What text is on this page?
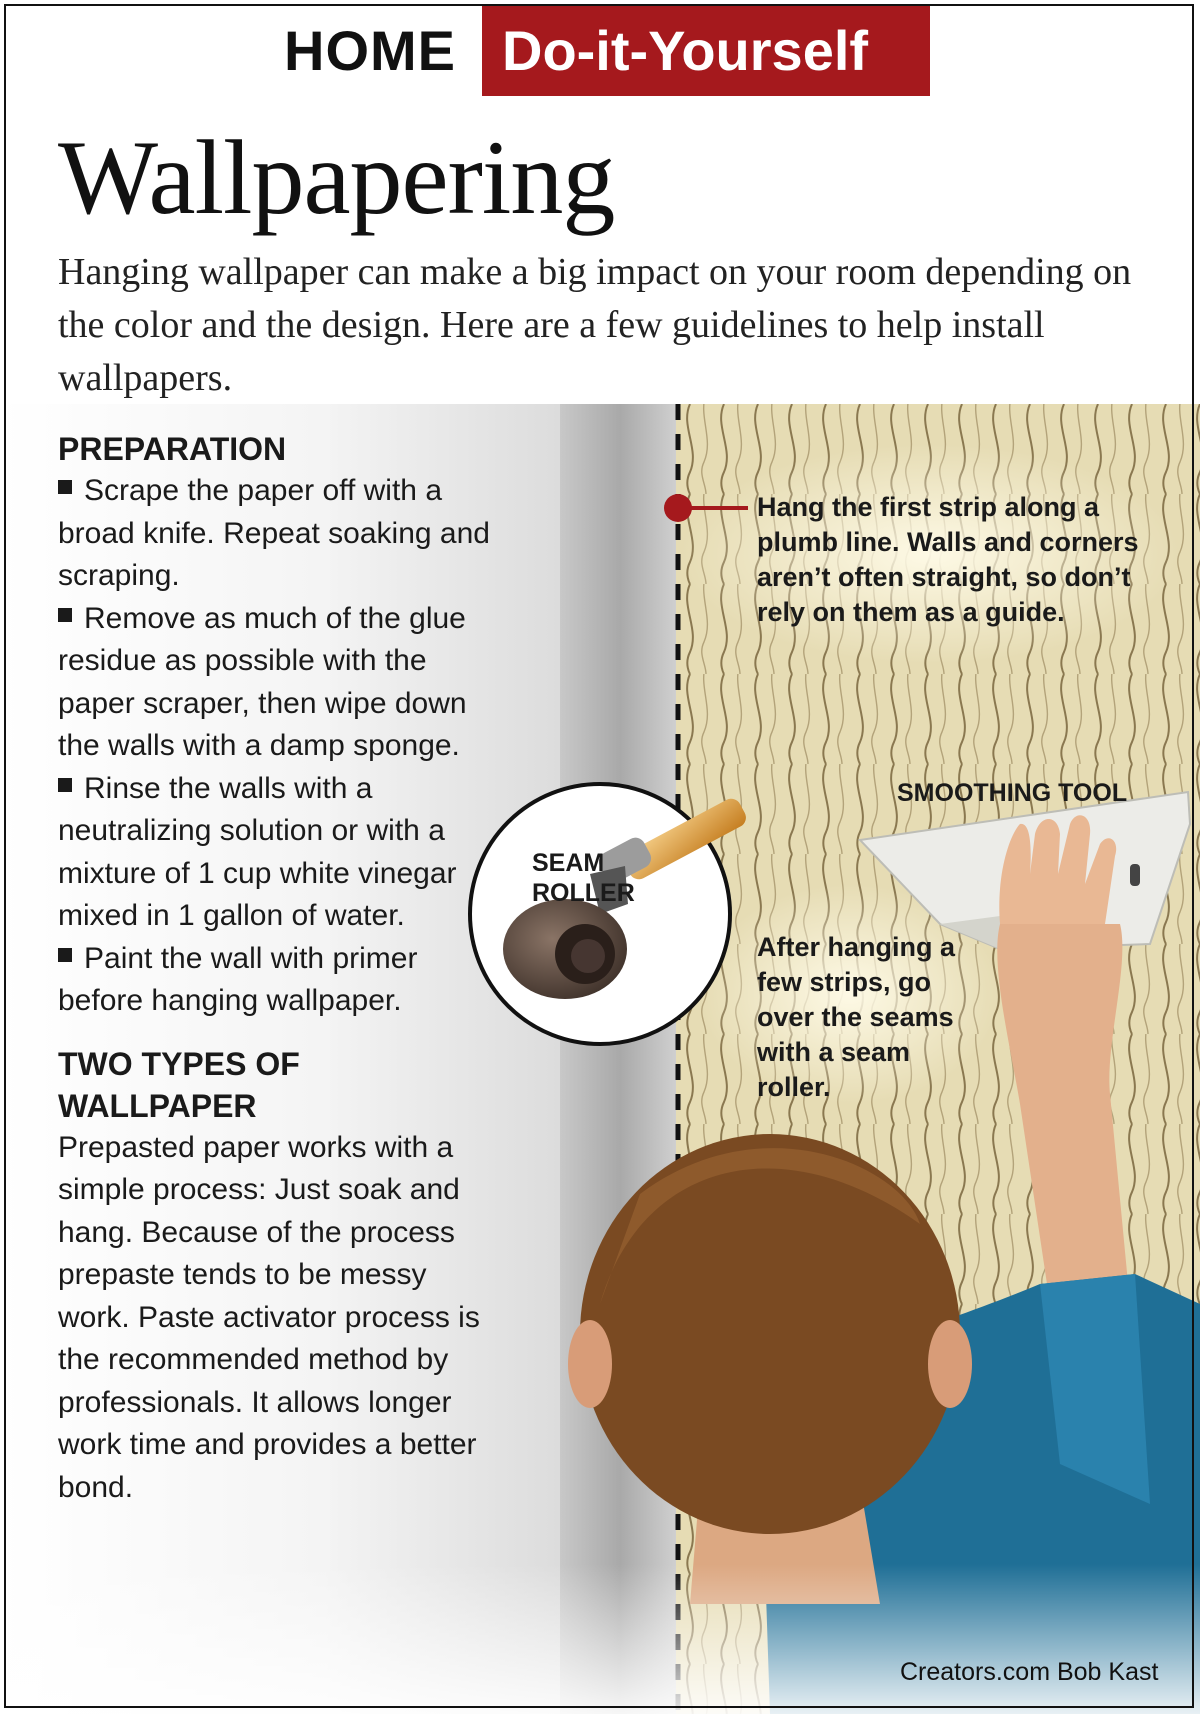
HOME Do-it-Yourself
Wallpapering
Hanging wallpaper can make a big impact on your room depending on the color and the design. Here are a few guidelines to help install wallpapers.

PREPARATION

Scrape the paper off with a broad knife. Repeat soaking and scraping.

Remove as much of the glue residue as possible with the paper scraper, then wipe down the walls with a damp sponge.

Rinse the walls with a neutralizing solution or with a mixture of 1 cup white vinegar mixed in 1 gallon of water.

Paint the wall with primer before hanging wallpaper.

TWO TYPES OF WALLPAPER

Prepasted paper works with a simple process: Just soak and hang. Because of the process prepaste tends to be messy work. Paste activator process is the recommended method by professionals. It allows longer work time and provides a better bond.

Hang the first strip along a plumb line. Walls and corners aren’t often straight, so don’t rely on them as a guide.
SMOOTHING TOOL
SEAM
ROLLER
After hanging a few strips, go over the seams with a seam roller.
Creators.com Bob Kast
